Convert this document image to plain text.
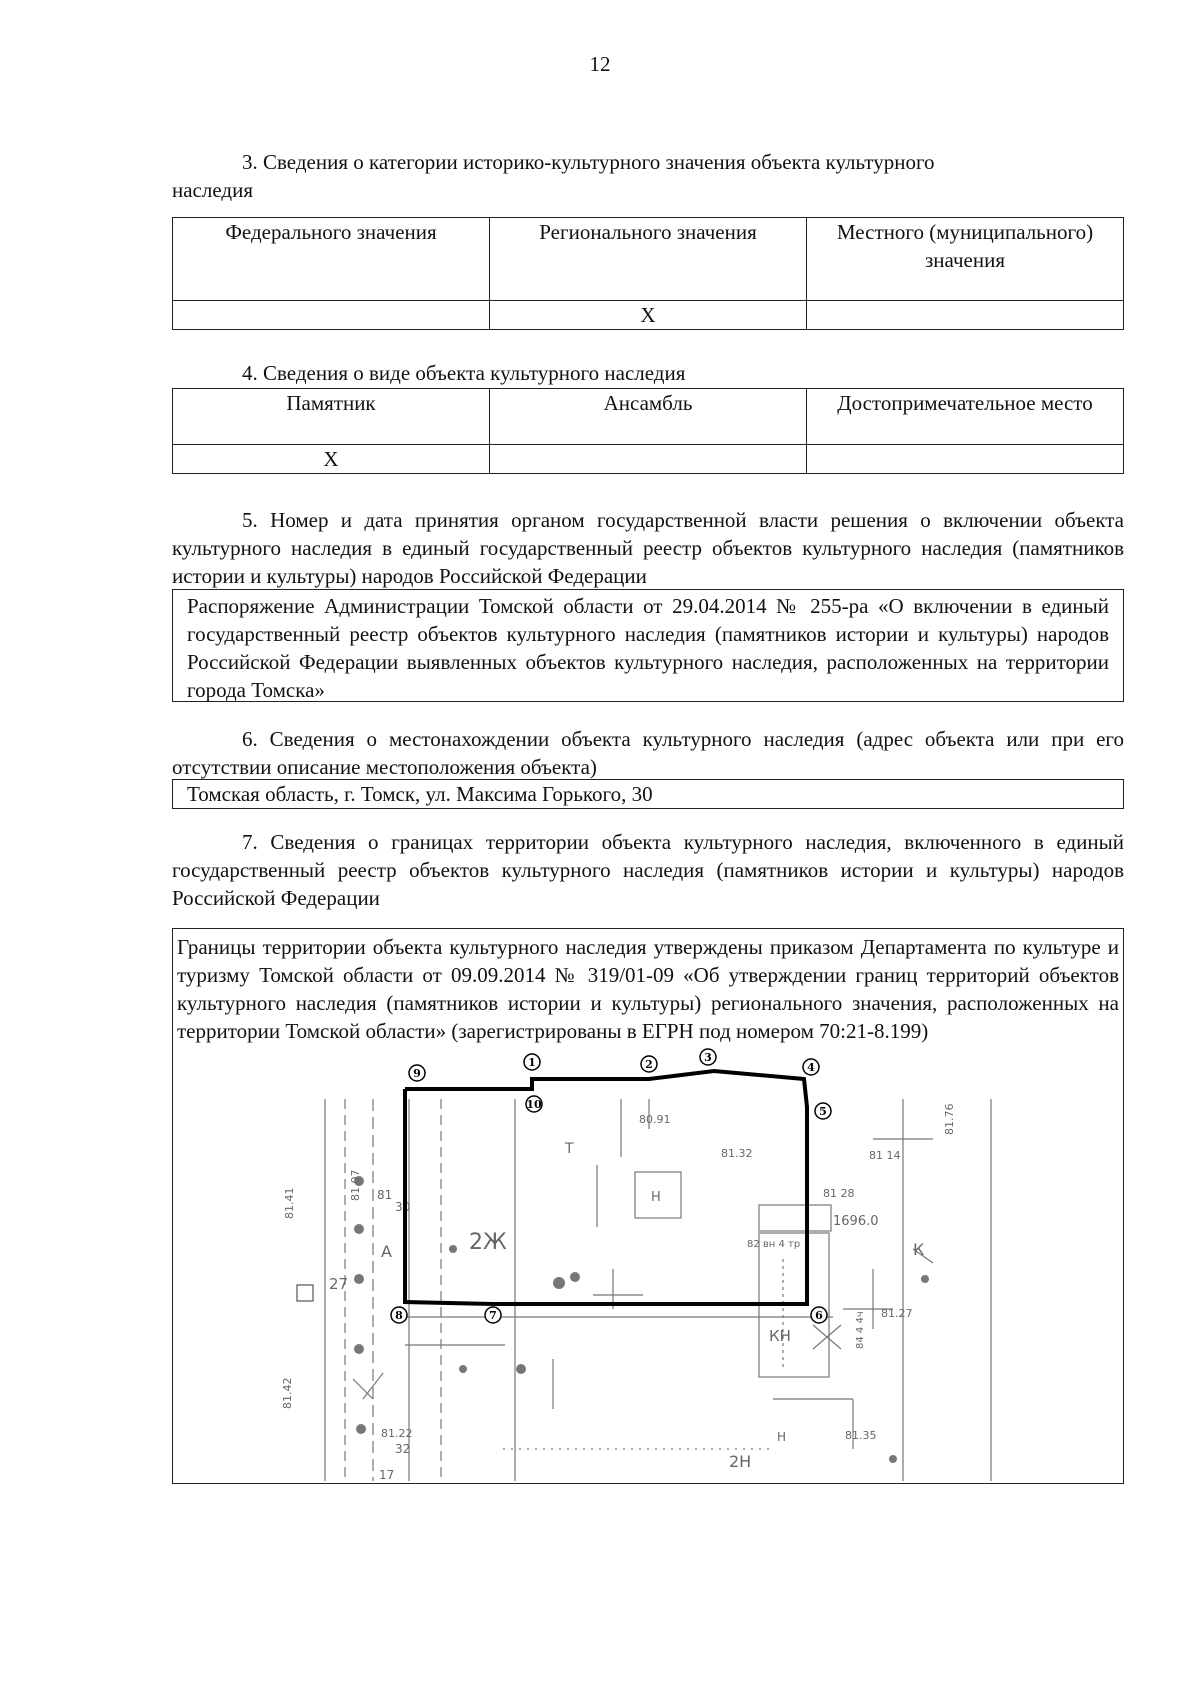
12
3. Сведения о категории историко-культурного значения объекта культурного
наследия
Федерального значения	Регионального значения	Местного (муниципального) значения
	Х	
4. Сведения о виде объекта культурного наследия
Памятник	Ансамбль	Достопримечательное место
Х		
5. Номер и дата принятия органом государственной власти решения о включении объекта культурного наследия в единый государственный реестр объектов культурного наследия (памятников истории и культуры) народов Российской Федерации
Распоряжение Администрации Томской области от 29.04.2014 № 255-ра «О включении в единый государственный реестр объектов культурного наследия (памятников истории и культуры) народов Российской Федерации выявленных объектов культурного наследия, расположенных на территории города Томска»
6. Сведения о местонахождении объекта культурного наследия (адрес объекта или при его отсутствии описание местоположения объекта)
Томская область, г. Томск, ул. Максима Горького, 30
7. Сведения о границах территории объекта культурного наследия, включенного в единый государственный реестр объектов культурного наследия (памятников истории и культуры) народов Российской Федерации
Границы территории объекта культурного наследия утверждены приказом Департамента по культуре и туризму Томской области от 09.09.2014 № 319/01-09 «Об утверждении границ территорий объектов культурного наследия (памятников истории и культуры) регионального значения, расположенных на территории Томской области» (зарегистрированы в ЕГРН под номером 70:21-8.199)
80.91
81.32
81 28
81.27
81.35
81 14
1696.0
82 вн 4 тр
81.22
30
32
27
17
81
2Ж
КН
2Н
Н
Н
Т
А	К
81.42
81.41
81.07
81.76
84 4 4ч
1	2
3
4
5
6
7
8
9
10
